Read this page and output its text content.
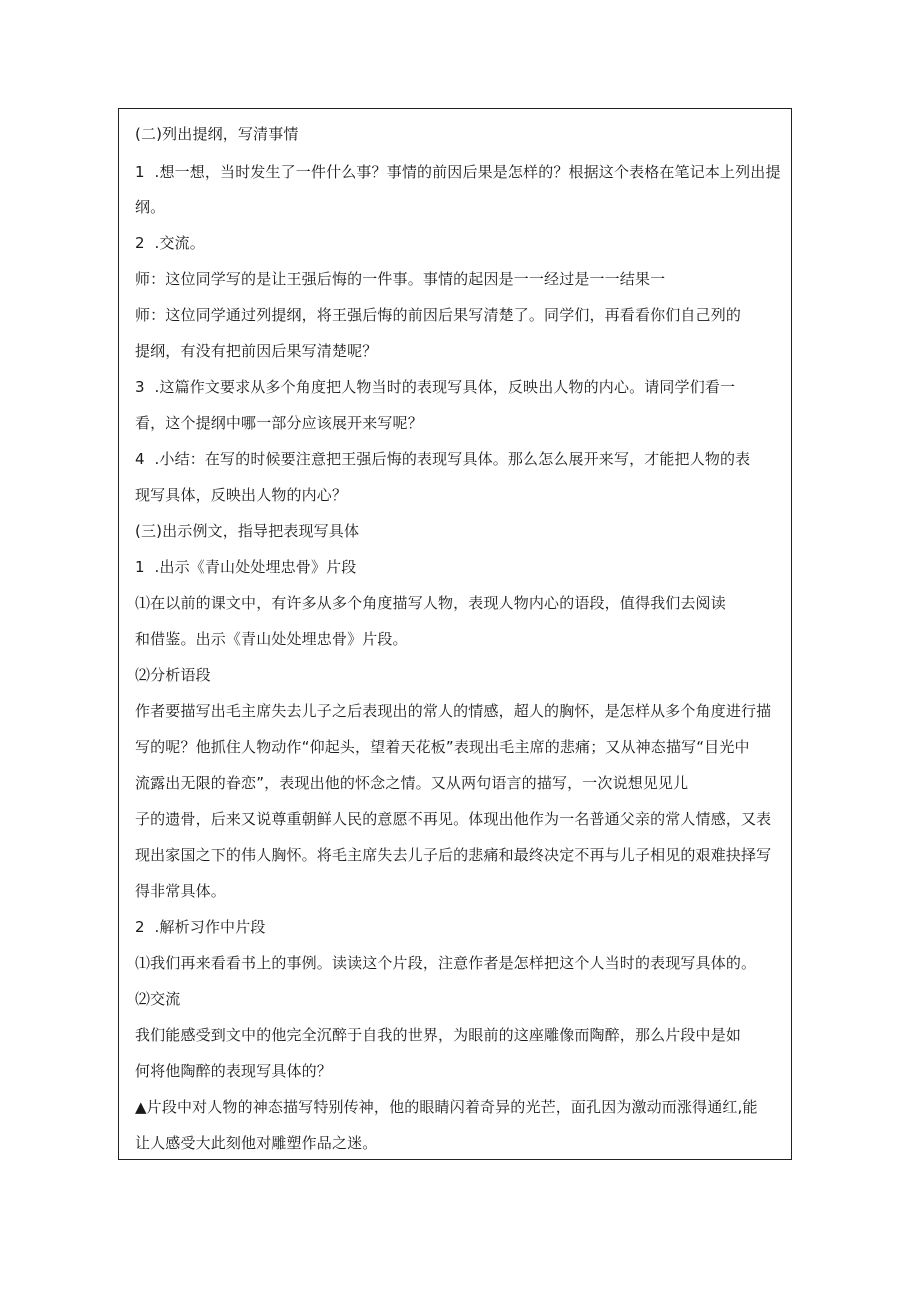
(二)列出提纲，写清事情
1  .想一想，当时发生了一件什么事？事情的前因后果是怎样的？根据这个表格在笔记本上列出提
纲。
2  .交流。
师：这位同学写的是让王强后悔的一件事。事情的起因是一一经过是一一结果一
师：这位同学通过列提纲，将王强后悔的前因后果写清楚了。同学们，再看看你们自己列的
提纲，有没有把前因后果写清楚呢？
3  .这篇作文要求从多个角度把人物当时的表现写具体，反映出人物的内心。请同学们看一
看，这个提纲中哪一部分应该展开来写呢？
4  .小结：在写的时候要注意把王强后悔的表现写具体。那么怎么展开来写，才能把人物的表
现写具体，反映出人物的内心？
(三)出示例文，指导把表现写具体
1  .出示《青山处处埋忠骨》片段
⑴在以前的课文中，有许多从多个角度描写人物，表现人物内心的语段，值得我们去阅读
和借鉴。出示《青山处处埋忠骨》片段。
⑵分析语段
作者要描写出毛主席失去儿子之后表现出的常人的情感，超人的胸怀，是怎样从多个角度进行描
写的呢？他抓住人物动作“仰起头，望着天花板”表现出毛主席的悲痛；又从神态描写“目光中
流露出无限的眷恋”，表现出他的怀念之情。又从两句语言的描写，一次说想见见儿
子的遗骨，后来又说尊重朝鲜人民的意愿不再见。体现出他作为一名普通父亲的常人情感，又表
现出家国之下的伟人胸怀。将毛主席失去儿子后的悲痛和最终决定不再与儿子相见的艰难抉择写
得非常具体。
2  .解析习作中片段
⑴我们再来看看书上的事例。读读这个片段，注意作者是怎样把这个人当时的表现写具体的。
⑵交流
我们能感受到文中的他完全沉醉于自我的世界，为眼前的这座雕像而陶醉，那么片段中是如
何将他陶醉的表现写具体的？
▲片段中对人物的神态描写特别传神，他的眼睛闪着奇异的光芒，面孔因为激动而涨得通红,能
让人感受大此刻他对雕塑作品之迷。
